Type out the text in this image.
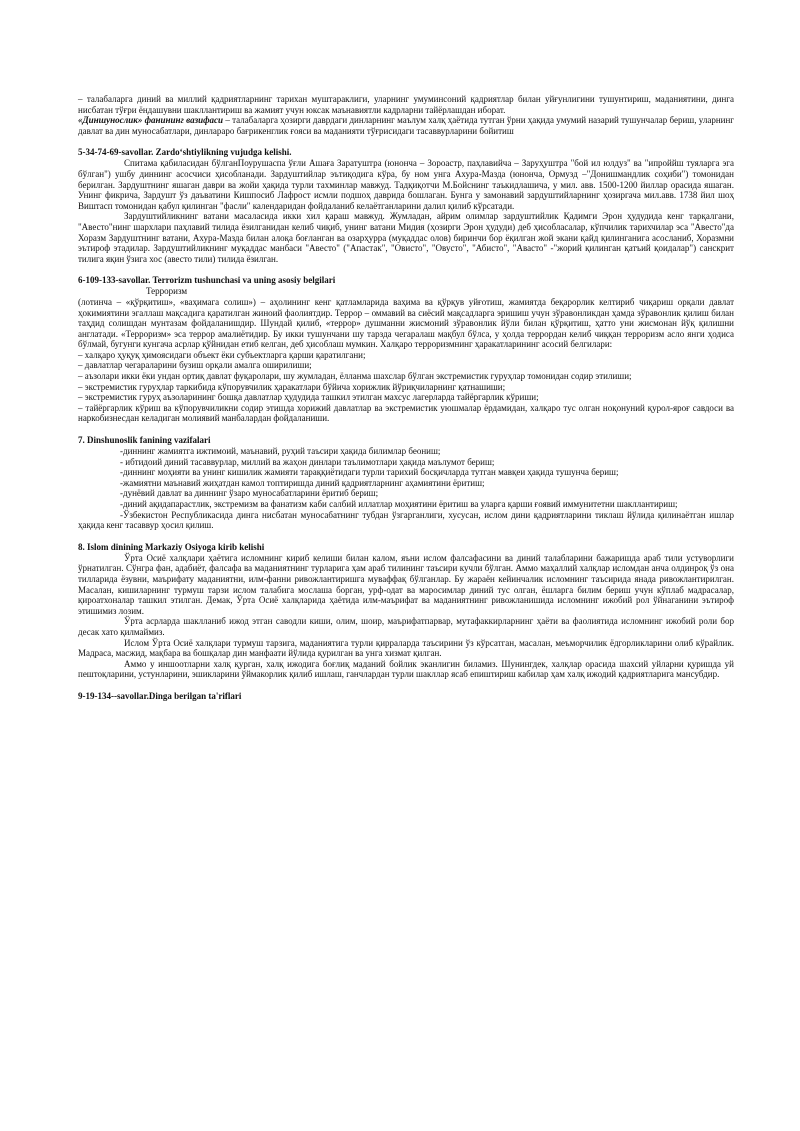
– талабаларга диний ва миллий қадриятларнинг тарихан муштараклиги, уларнинг умуминсоний қадриятлар билан уйғунлигини тушунтириш, маданиятини, динга нисбатан тўғри ёндашувни шакллантириш ва жамият учун юксак маънавиятли кадрларни тайёрлашдан иборат.

«Диншунослик» фанининг вазифаси – талабаларга ҳозирги даврдаги динларнинг маълум халқ ҳаётида тутган ўрни ҳақида умумий назарий тушунчалар бериш, уларнинг давлат ва дин муносабатлари, динлараро бағрикенглик ғояси ва маданияти тўғрисидаги тасаввурларини бойитиш

5-34-74-69-savollar. Zardo‘shtiylikning vujudga kelishi.

Спитама қабиласидан бўлганПоурушаспа ўғли Ашаға Заратуштра (юнонча – Зороастр, паҳлавийча – Заруҳуштра "бой ил юлдуз" ва "ипроййш туяларга эга бўлган") ушбу диннинг асосчиси ҳисобланади. Зардуштийлар эътиқодига кўра, бу ном унга Ахура-Мазда (юнонча, Ормузд –"Донишмандлик соҳиби") томонидан берилган. Зардуштнинг яшаган даври ва жойи ҳақида турли тахминлар мавжуд. Тадқиқотчи М.Бойснинг таъкидлашича, у мил. авв. 1500-1200 йиллар орасида яшаган. Унинг фикрича, Зардушт ўз даъватини Кишпосиб Лафрост исмли подшоҳ даврида бошлаган. Бунга у замонавий зардуштийларнинг ҳозиргача мил.авв. 1738 йил шоҳ Виштасп томонидан қабул қилинган "фасли" календаридан фойдаланиб келаётганларини далил қилиб кўрсатади.

Зардуштийликнинг ватани масаласида икки хил қараш мавжуд. Жумладан, айрим олимлар зардуштийлик Қадимги Эрон ҳудудида кенг тарқалгани, "Авесто"нинг шархлари паҳлавий тилида ёзилганидан келиб чиқиб, унинг ватани Мидия (ҳозирги Эрон ҳудуди) деб ҳисоблаcалар, кўпчилик тарихчилар эса "Авесто"да Хоразм Зардуштнинг ватани, Ахура-Мазда билан алоқа боғланган ва озарҳурра (муқаддас олов) биринчи бор ёқилган жой экани қайд қилинганига асосланиб, Хоразмни эътироф этадилар. Зардуштийликнинг муқаддас манбаси "Авесто" ("Апастак", "Овисто", "Овусто", "Абисто", "Авасто" -"жорий қилинган қатъий қоидалар") санскрит тилига яқин ўзига хос (авесто тили) тилида ёзилган.

6-109-133-savollar. Terrorizm tushunchasi va uning asosiy belgilari

Терроризм

(лотинча – «қўрқитиш», «ваҳимага солиш») – аҳолининг кенг қатламларида ваҳима ва қўрқув уйғотиш, жамиятда беқарорлик келтириб чиқариш орқали давлат ҳокимиятини эгаллаш мақсадига қаратилган жиноий фаолиятдир. Террор – оммавий ва сиёсий мақсадларга эришиш учун зўравонликдан ҳамда зўравонлик қилиш билан таҳдид солишдан мунтазам фойдаланишдир. Шундай қилиб, «террор» душманни жисмоний зўравонлик йўли билан қўрқитиш, ҳатто уни жисмонан йўқ қилишни англатади. «Терроризм» эса террор амалиётидир. Бу икки тушунчани шу тарзда чегаралаш мақбул бўлса, у ҳолда террордан келиб чиққан терроризм асло янги ҳодиса бўлмай, бугунги кунгача асрлар қўйнидан етиб келган, деб ҳисоблаш мумкин. Халқаро терроризмнинг ҳаракатларининг асосий белгилари:

– халқаро ҳуқуқ ҳимоясидаги объект ёки субъектларга қарши қаратилгани;

– давлатлар чегараларини бузиш орқали амалга оширилиши;

– аъзолари икки ёки ундан ортиқ давлат фуқаролари, шу жумладан, ёлланма шахслар бўлган экстремистик гуруҳлар томонидан содир этилиши;

– экстремистик гуруҳлар таркибида кўпорувчилик ҳаракатлари бўйича хорижлик йўриқчиларнинг қатнашиши;

– экстремистик гуруҳ аъзоларининг бошқа давлатлар ҳудудида ташкил этилган махсус лагерларда тайёргарлик кўриши;

– тайёргарлик кўриш ва кўпорувчиликни содир этишда хорижий давлатлар ва экстремистик уюшмалар ёрдамидан, халқаро тус олган ноқонуний қурол-яроғ савдоси ва наркобизнесдан келадиган молиявий манбалардан фойдаланиши.

7. Dinshunoslik fanining vazifalari

-диннинг жамиятга ижтимоий, маънавий, руҳий таъсири ҳақида билимлар беониш;

- ибтидоий диний тасаввурлар, миллий ва жаҳон динлари таълимотлари ҳақида маълумот бериш;

-диннинг моҳияти ва унинг кишилик жамияти тараққиётидаги турли тарихий босқичларда тутган мавқеи ҳақида тушунча бериш;

-жамиятни маънавий жиҳатдан камол топтиришда диний қадриятларнинг аҳамиятини ёритиш;

-дунёвий давлат ва диннинг ўзаро муносабатларини ёритиб бериш;

-диний ақидапарастлик, экстремизм ва фанатизм каби салбий иллатлар моҳиятини ёритиш ва уларга қарши ғоявий иммунитетни шакллантириш;

-Ўзбекистон Республикасида динга нисбатан муносабатнинг тубдан ўзгарганлиги, хусусан, ислом дини қадриятларини тиклаш йўлида қилинаётган ишлар ҳақида кенг тасаввур ҳосил қилиш.

8. Islom dinining Markaziy Osiyoga kirib kelishi

Ўрта Осиё халқлари ҳаётига исломнинг кириб келиши билан калом, яъни ислом фалсафасини ва диний талабларини бажаришда араб тили устуворлиги ўрнатилган. Сўнгра фан, адабиёт, фалсафа ва маданиятнинг турларига ҳам араб тилининг таъсири кучли бўлган. Аммо маҳаллий халқлар исломдан анча олдинроқ ўз она тилларида ёзувни, маърифату маданиятни, илм-фанни ривожлантиришга муваффақ бўлганлар. Бу жараён кейинчалик исломнинг таъсирида янада ривожлантирилган. Масалан, кишиларнинг турмуш тарзи ислом талабига мослаша борган, урф-одат ва маросимлар диний тус олган, ёшларга билим бериш учун кўплаб мадрасалар, қироатхоналар ташкил этилган. Демак, Ўрта Осиё халқларида ҳаётида илм-маърифат ва маданиятнинг ривожланишида исломнинг ижобий рол ўйнаганини эътироф этишимиз лозим.

Ўрта асрларда шаклланиб ижод этган саводли киши, олим, шоир, маърифатпарвар, мутафаккирларнинг ҳаёти ва фаолиятида исломнинг ижобий роли бор десак хато қилмаймиз.

Ислом Ўрта Осиё халқлари турмуш тарзига, маданиятига турли қирраларда таъсирини ўз кўрсатган, масалан, меъморчилик ёдгорликларини олиб кўрайлик. Мадраса, масжид, мақбара ва бошқалар дин манфаати йўлида қурилган ва унга хизмат қилган.

Аммо у иншоотларни халқ қурган, халқ ижодига боғлиқ маданий бойлик эканлигин биламиз. Шунингдек, халқлар орасида шахсий уйларни қуришда уй пештоқларини, устунларини, эшикларини ўймакорлик қилиб ишлаш, ганчлардан турли шакллар ясаб епиштириш кабилар ҳам халқ ижодий қадриятларига мансубдир.

9-19-134--savollar.Dinga berilgan ta'riflari
